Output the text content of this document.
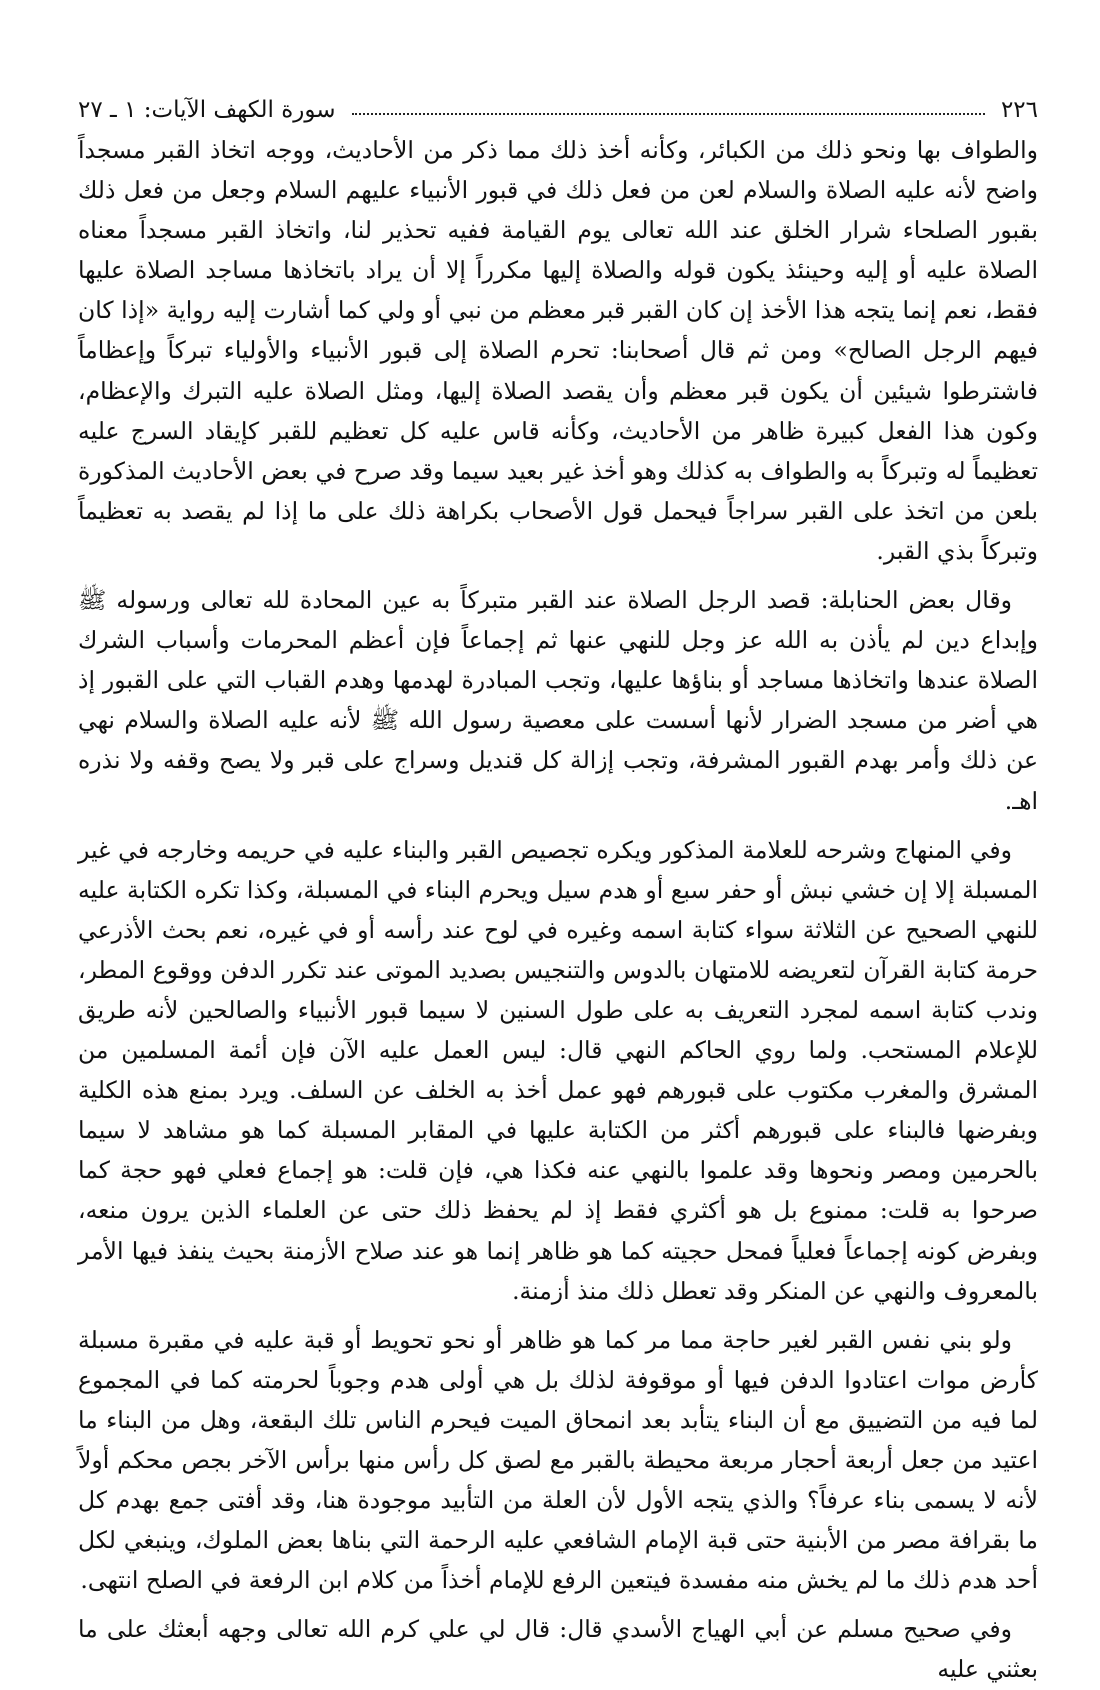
٢٢٦
سورة الكهف الآيات: ١ ـ ٢٧

والطواف بها ونحو ذلك من الكبائر، وكأنه أخذ ذلك مما ذكر من الأحاديث، ووجه اتخاذ القبر مسجداً واضح لأنه عليه الصلاة والسلام لعن من فعل ذلك في قبور الأنبياء عليهم السلام وجعل من فعل ذلك بقبور الصلحاء شرار الخلق عند الله تعالى يوم القيامة ففيه تحذير لنا، واتخاذ القبر مسجداً معناه الصلاة عليه أو إليه وحينئذ يكون قوله والصلاة إليها مكرراً إلا أن يراد باتخاذها مساجد الصلاة عليها فقط، نعم إنما يتجه هذا الأخذ إن كان القبر قبر معظم من نبي أو ولي كما أشارت إليه رواية «إذا كان فيهم الرجل الصالح» ومن ثم قال أصحابنا: تحرم الصلاة إلى قبور الأنبياء والأولياء تبركاً وإعظاماً فاشترطوا شيئين أن يكون قبر معظم وأن يقصد الصلاة إليها، ومثل الصلاة عليه التبرك والإعظام، وكون هذا الفعل كبيرة ظاهر من الأحاديث، وكأنه قاس عليه كل تعظيم للقبر كإيقاد السرج عليه تعظيماً له وتبركاً به والطواف به كذلك وهو أخذ غير بعيد سيما وقد صرح في بعض الأحاديث المذكورة بلعن من اتخذ على القبر سراجاً فيحمل قول الأصحاب بكراهة ذلك على ما إذا لم يقصد به تعظيماً وتبركاً بذي القبر.

وقال بعض الحنابلة: قصد الرجل الصلاة عند القبر متبركاً به عين المحادة لله تعالى ورسوله ﷺ وإبداع دين لم يأذن به الله عز وجل للنهي عنها ثم إجماعاً فإن أعظم المحرمات وأسباب الشرك الصلاة عندها واتخاذها مساجد أو بناؤها عليها، وتجب المبادرة لهدمها وهدم القباب التي على القبور إذ هي أضر من مسجد الضرار لأنها أسست على معصية رسول الله ﷺ لأنه عليه الصلاة والسلام نهي عن ذلك وأمر بهدم القبور المشرفة، وتجب إزالة كل قنديل وسراج على قبر ولا يصح وقفه ولا نذره اهـ.

وفي المنهاج وشرحه للعلامة المذكور ويكره تجصيص القبر والبناء عليه في حريمه وخارجه في غير المسبلة إلا إن خشي نبش أو حفر سبع أو هدم سيل ويحرم البناء في المسبلة، وكذا تكره الكتابة عليه للنهي الصحيح عن الثلاثة سواء كتابة اسمه وغيره في لوح عند رأسه أو في غيره، نعم بحث الأذرعي حرمة كتابة القرآن لتعريضه للامتهان بالدوس والتنجيس بصديد الموتى عند تكرر الدفن ووقوع المطر، وندب كتابة اسمه لمجرد التعريف به على طول السنين لا سيما قبور الأنبياء والصالحين لأنه طريق للإعلام المستحب. ولما روي الحاكم النهي قال: ليس العمل عليه الآن فإن أئمة المسلمين من المشرق والمغرب مكتوب على قبورهم فهو عمل أخذ به الخلف عن السلف. ويرد بمنع هذه الكلية وبفرضها فالبناء على قبورهم أكثر من الكتابة عليها في المقابر المسبلة كما هو مشاهد لا سيما بالحرمين ومصر ونحوها وقد علموا بالنهي عنه فكذا هي، فإن قلت: هو إجماع فعلي فهو حجة كما صرحوا به قلت: ممنوع بل هو أكثري فقط إذ لم يحفظ ذلك حتى عن العلماء الذين يرون منعه، وبفرض كونه إجماعاً فعلياً فمحل حجيته كما هو ظاهر إنما هو عند صلاح الأزمنة بحيث ينفذ فيها الأمر بالمعروف والنهي عن المنكر وقد تعطل ذلك منذ أزمنة.

ولو بني نفس القبر لغير حاجة مما مر كما هو ظاهر أو نحو تحويط أو قبة عليه في مقبرة مسبلة كأرض موات اعتادوا الدفن فيها أو موقوفة لذلك بل هي أولى هدم وجوباً لحرمته كما في المجموع لما فيه من التضييق مع أن البناء يتأبد بعد انمحاق الميت فيحرم الناس تلك البقعة، وهل من البناء ما اعتيد من جعل أربعة أحجار مربعة محيطة بالقبر مع لصق كل رأس منها برأس الآخر بجص محكم أولاً لأنه لا يسمى بناء عرفاً؟ والذي يتجه الأول لأن العلة من التأبيد موجودة هنا، وقد أفتى جمع بهدم كل ما بقرافة مصر من الأبنية حتى قبة الإمام الشافعي عليه الرحمة التي بناها بعض الملوك، وينبغي لكل أحد هدم ذلك ما لم يخش منه مفسدة فيتعين الرفع للإمام أخذاً من كلام ابن الرفعة في الصلح انتهى.

وفي صحيح مسلم عن أبي الهياج الأسدي قال: قال لي علي كرم الله تعالى وجهه أبعثك على ما بعثني عليه
